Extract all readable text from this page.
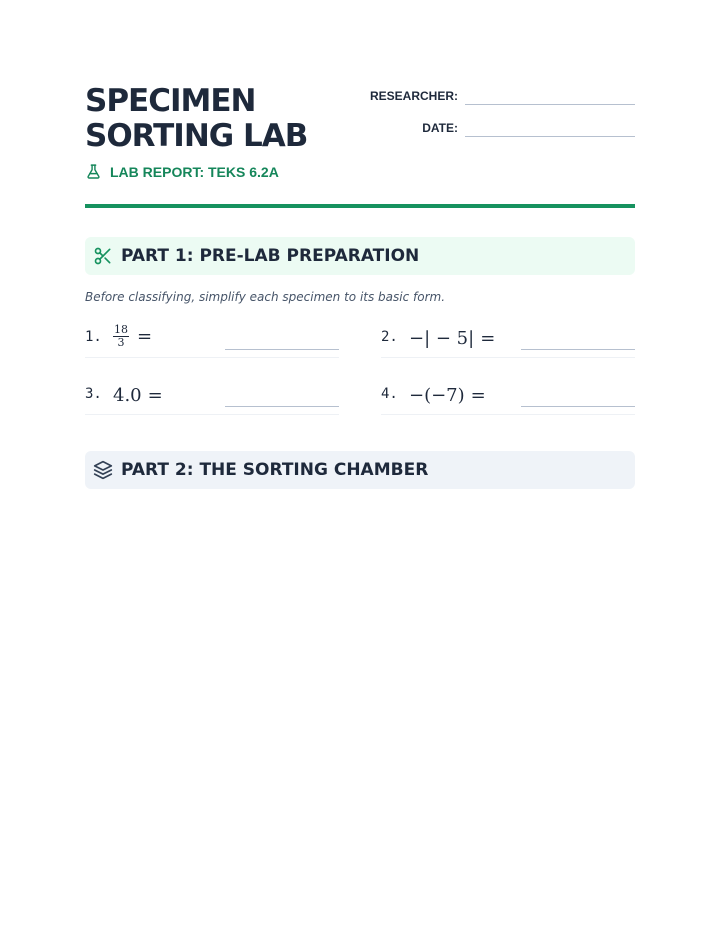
SPECIMEN
SORTING LAB
LAB REPORT: TEKS 6.2A
RESEARCHER:
DATE:
PART 1: PRE-LAB PREPARATION
Before classifying, simplify each specimen to its basic form.
1. $\frac{18}{3}$ =	2. −| − 5| =
3. 4.0 =	4. −(−7) =
PART 2: THE SORTING CHAMBER
